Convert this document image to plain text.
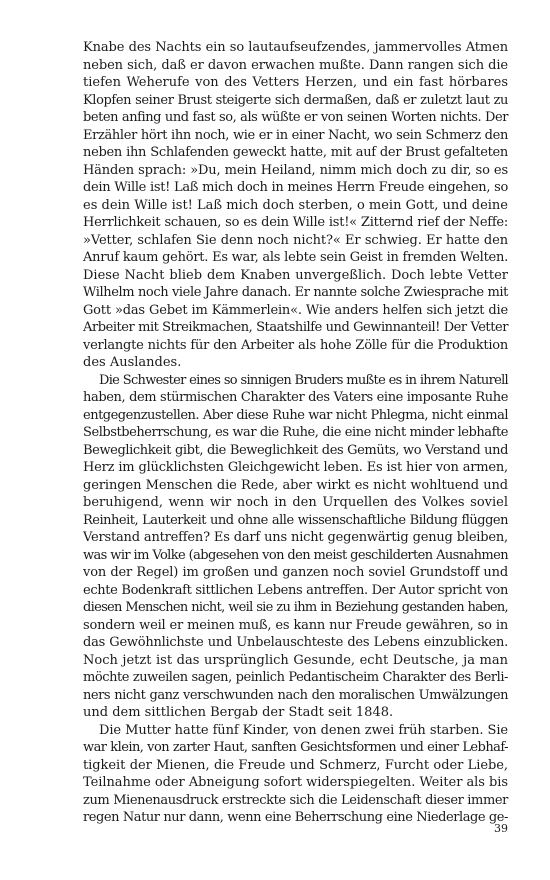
Knabe des Nachts ein so lautaufseufzendes, jammervolles Atmen
neben sich, daß er davon erwachen mußte. Dann rangen sich die
tiefen Weherufe von des Vetters Herzen, und ein fast hörbares
Klopfen seiner Brust steigerte sich dermaßen, daß er zuletzt laut zu
beten anfing und fast so, als wüßte er von seinen Worten nichts. Der
Erzähler hört ihn noch, wie er in einer Nacht, wo sein Schmerz den
neben ihn Schlafenden geweckt hatte, mit auf der Brust gefalteten
Händen sprach: »Du, mein Heiland, nimm mich doch zu dir, so es
dein Wille ist! Laß mich doch in meines Herrn Freude eingehen, so
es dein Wille ist! Laß mich doch sterben, o mein Gott, und deine
Herrlichkeit schauen, so es dein Wille ist!« Zitternd rief der Neffe:
»Vetter, schlafen Sie denn noch nicht?« Er schwieg. Er hatte den
Anruf kaum gehört. Es war, als lebte sein Geist in fremden Welten.
Diese Nacht blieb dem Knaben unvergeßlich. Doch lebte Vetter
Wilhelm noch viele Jahre danach. Er nannte solche Zwiesprache mit
Gott »das Gebet im Kämmerlein«. Wie anders helfen sich jetzt die
Arbeiter mit Streikmachen, Staatshilfe und Gewinnanteil! Der Vetter
verlangte nichts für den Arbeiter als hohe Zölle für die Produktion
des Auslandes.
Die Schwester eines so sinnigen Bruders mußte es in ihrem Naturell
haben, dem stürmischen Charakter des Vaters eine imposante Ruhe
entgegenzustellen. Aber diese Ruhe war nicht Phlegma, nicht einmal
Selbstbeherrschung, es war die Ruhe, die eine nicht minder lebhafte
Beweglichkeit gibt, die Beweglichkeit des Gemüts, wo Verstand und
Herz im glücklichsten Gleichgewicht leben. Es ist hier von armen,
geringen Menschen die Rede, aber wirkt es nicht wohltuend und
beruhigend, wenn wir noch in den Urquellen des Volkes soviel
Reinheit, Lauterkeit und ohne alle wissenschaftliche Bildung flüggen
Verstand antreffen? Es darf uns nicht gegenwärtig genug bleiben,
was wir im Volke (abgesehen von den meist geschilderten Ausnahmen
von der Regel) im großen und ganzen noch soviel Grundstoff und
echte Bodenkraft sittlichen Lebens antreffen. Der Autor spricht von
diesen Menschen nicht, weil sie zu ihm in Beziehung gestanden haben,
sondern weil er meinen muß, es kann nur Freude gewähren, so in
das Gewöhnlichste und Unbelauschteste des Lebens einzublicken.
Noch jetzt ist das ursprünglich Gesunde, echt Deutsche, ja man
möchte zuweilen sagen, peinlich Pedantischeim Charakter des Berli-
ners nicht ganz verschwunden nach den moralischen Umwälzungen
und dem sittlichen Bergab der Stadt seit 1848.
Die Mutter hatte fünf Kinder, von denen zwei früh starben. Sie
war klein, von zarter Haut, sanften Gesichtsformen und einer Lebhaf-
tigkeit der Mienen, die Freude und Schmerz, Furcht oder Liebe,
Teilnahme oder Abneigung sofort widerspiegelten. Weiter als bis
zum Mienenausdruck erstreckte sich die Leidenschaft dieser immer
regen Natur nur dann, wenn eine Beherrschung eine Niederlage ge-
39
